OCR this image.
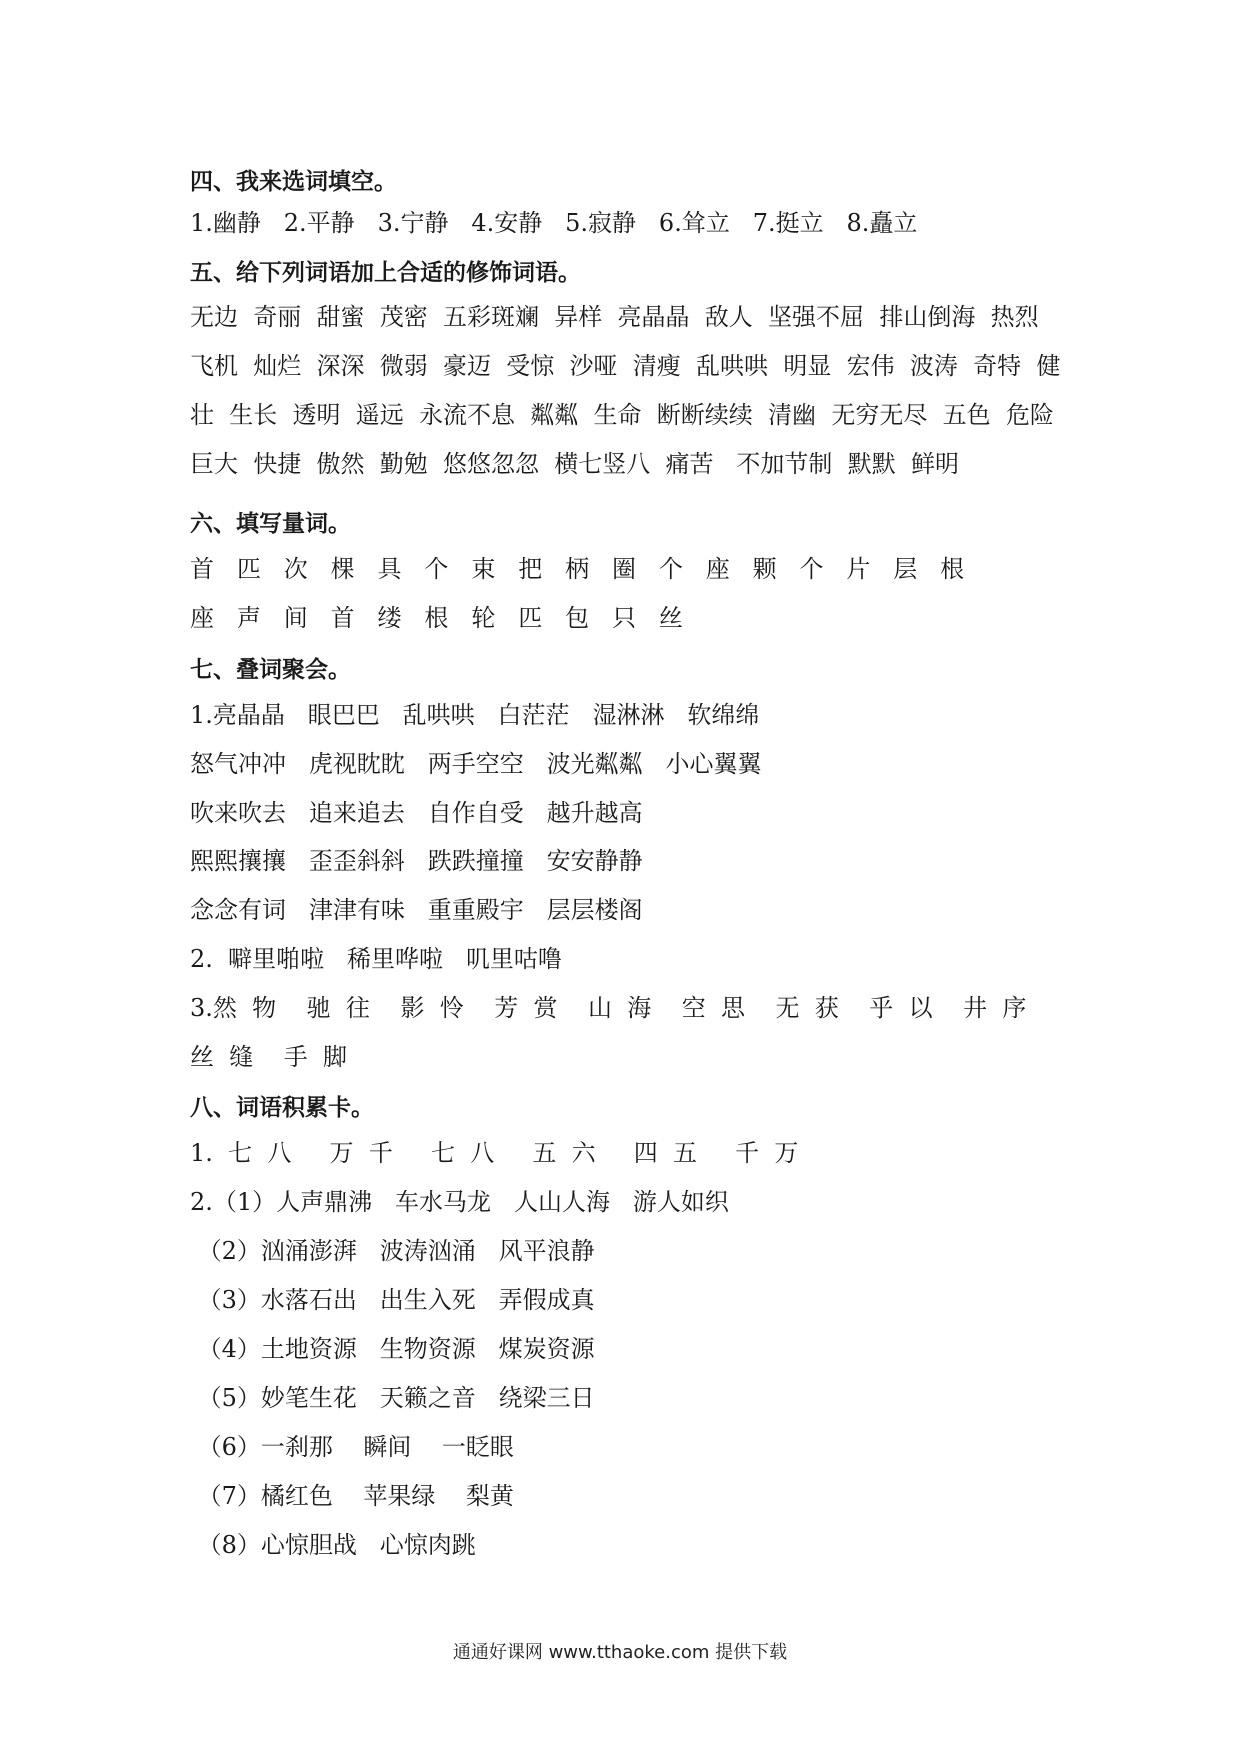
四、我来选词填空。
1.幽静   2.平静   3.宁静   4.安静   5.寂静   6.耸立   7.挺立   8.矗立
五、给下列词语加上合适的修饰词语。
无边  奇丽  甜蜜  茂密  五彩斑斓  异样  亮晶晶  敌人  坚强不屈  排山倒海  热烈
飞机  灿烂  深深  微弱  豪迈  受惊  沙哑  清瘦  乱哄哄  明显  宏伟  波涛  奇特  健
壮  生长  透明  遥远  永流不息  粼粼  生命  断断续续  清幽  无穷无尽  五色  危险
巨大  快捷  傲然  勤勉  悠悠忽忽  横七竖八  痛苦   不加节制  默默  鲜明
六、填写量词。
首   匹   次   棵   具   个   束   把   柄   圈   个   座   颗   个   片   层   根
座   声   间   首   缕   根   轮   匹   包   只   丝
七、叠词聚会。
1.亮晶晶   眼巴巴   乱哄哄   白茫茫   湿淋淋   软绵绵
怒气冲冲   虎视眈眈   两手空空   波光粼粼   小心翼翼
吹来吹去   追来追去   自作自受   越升越高
熙熙攘攘   歪歪斜斜   跌跌撞撞   安安静静
念念有词   津津有味   重重殿宇   层层楼阁
2.  噼里啪啦   稀里哗啦   叽里咕噜
3.然  物    驰  往    影  怜    芳  赏    山  海    空  思    无  获    乎  以    井  序
丝  缝    手  脚
八、词语积累卡。
1.  七  八     万  千     七  八     五  六     四  五     千  万
2.（1）人声鼎沸   车水马龙   人山人海   游人如织
（2）汹涌澎湃   波涛汹涌   风平浪静
（3）水落石出   出生入死   弄假成真
（4）土地资源   生物资源   煤炭资源
（5）妙笔生花   天籁之音   绕梁三日
（6）一刹那    瞬间    一眨眼
（7）橘红色    苹果绿    梨黄
（8）心惊胆战   心惊肉跳
通通好课网 www.tthaoke.com 提供下载
